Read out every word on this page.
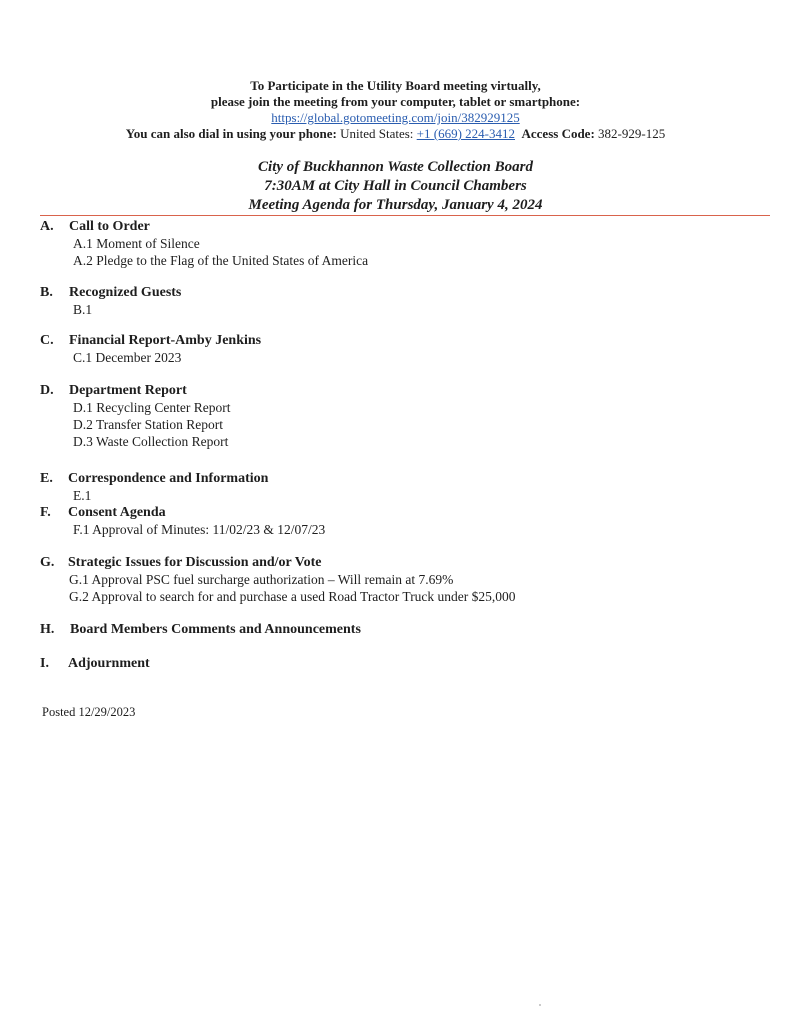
To Participate in the Utility Board meeting virtually,
please join the meeting from your computer, tablet or smartphone:
https://global.gotomeeting.com/join/382929125
You can also dial in using your phone: United States: +1 (669) 224-3412 Access Code: 382-929-125
City of Buckhannon Waste Collection Board
7:30AM at City Hall in Council Chambers
Meeting Agenda for Thursday, January 4, 2024
A. Call to Order
A.1 Moment of Silence
A.2 Pledge to the Flag of the United States of America
B. Recognized Guests
B.1
C. Financial Report-Amby Jenkins
C.1 December 2023
D. Department Report
D.1 Recycling Center Report
D.2 Transfer Station Report
D.3 Waste Collection Report
E. Correspondence and Information
E.1
F. Consent Agenda
F.1 Approval of Minutes: 11/02/23 & 12/07/23
G. Strategic Issues for Discussion and/or Vote
G.1 Approval PSC fuel surcharge authorization – Will remain at 7.69%
G.2 Approval to search for and purchase a used Road Tractor Truck under $25,000
H. Board Members Comments and Announcements
I. Adjournment
Posted 12/29/2023
